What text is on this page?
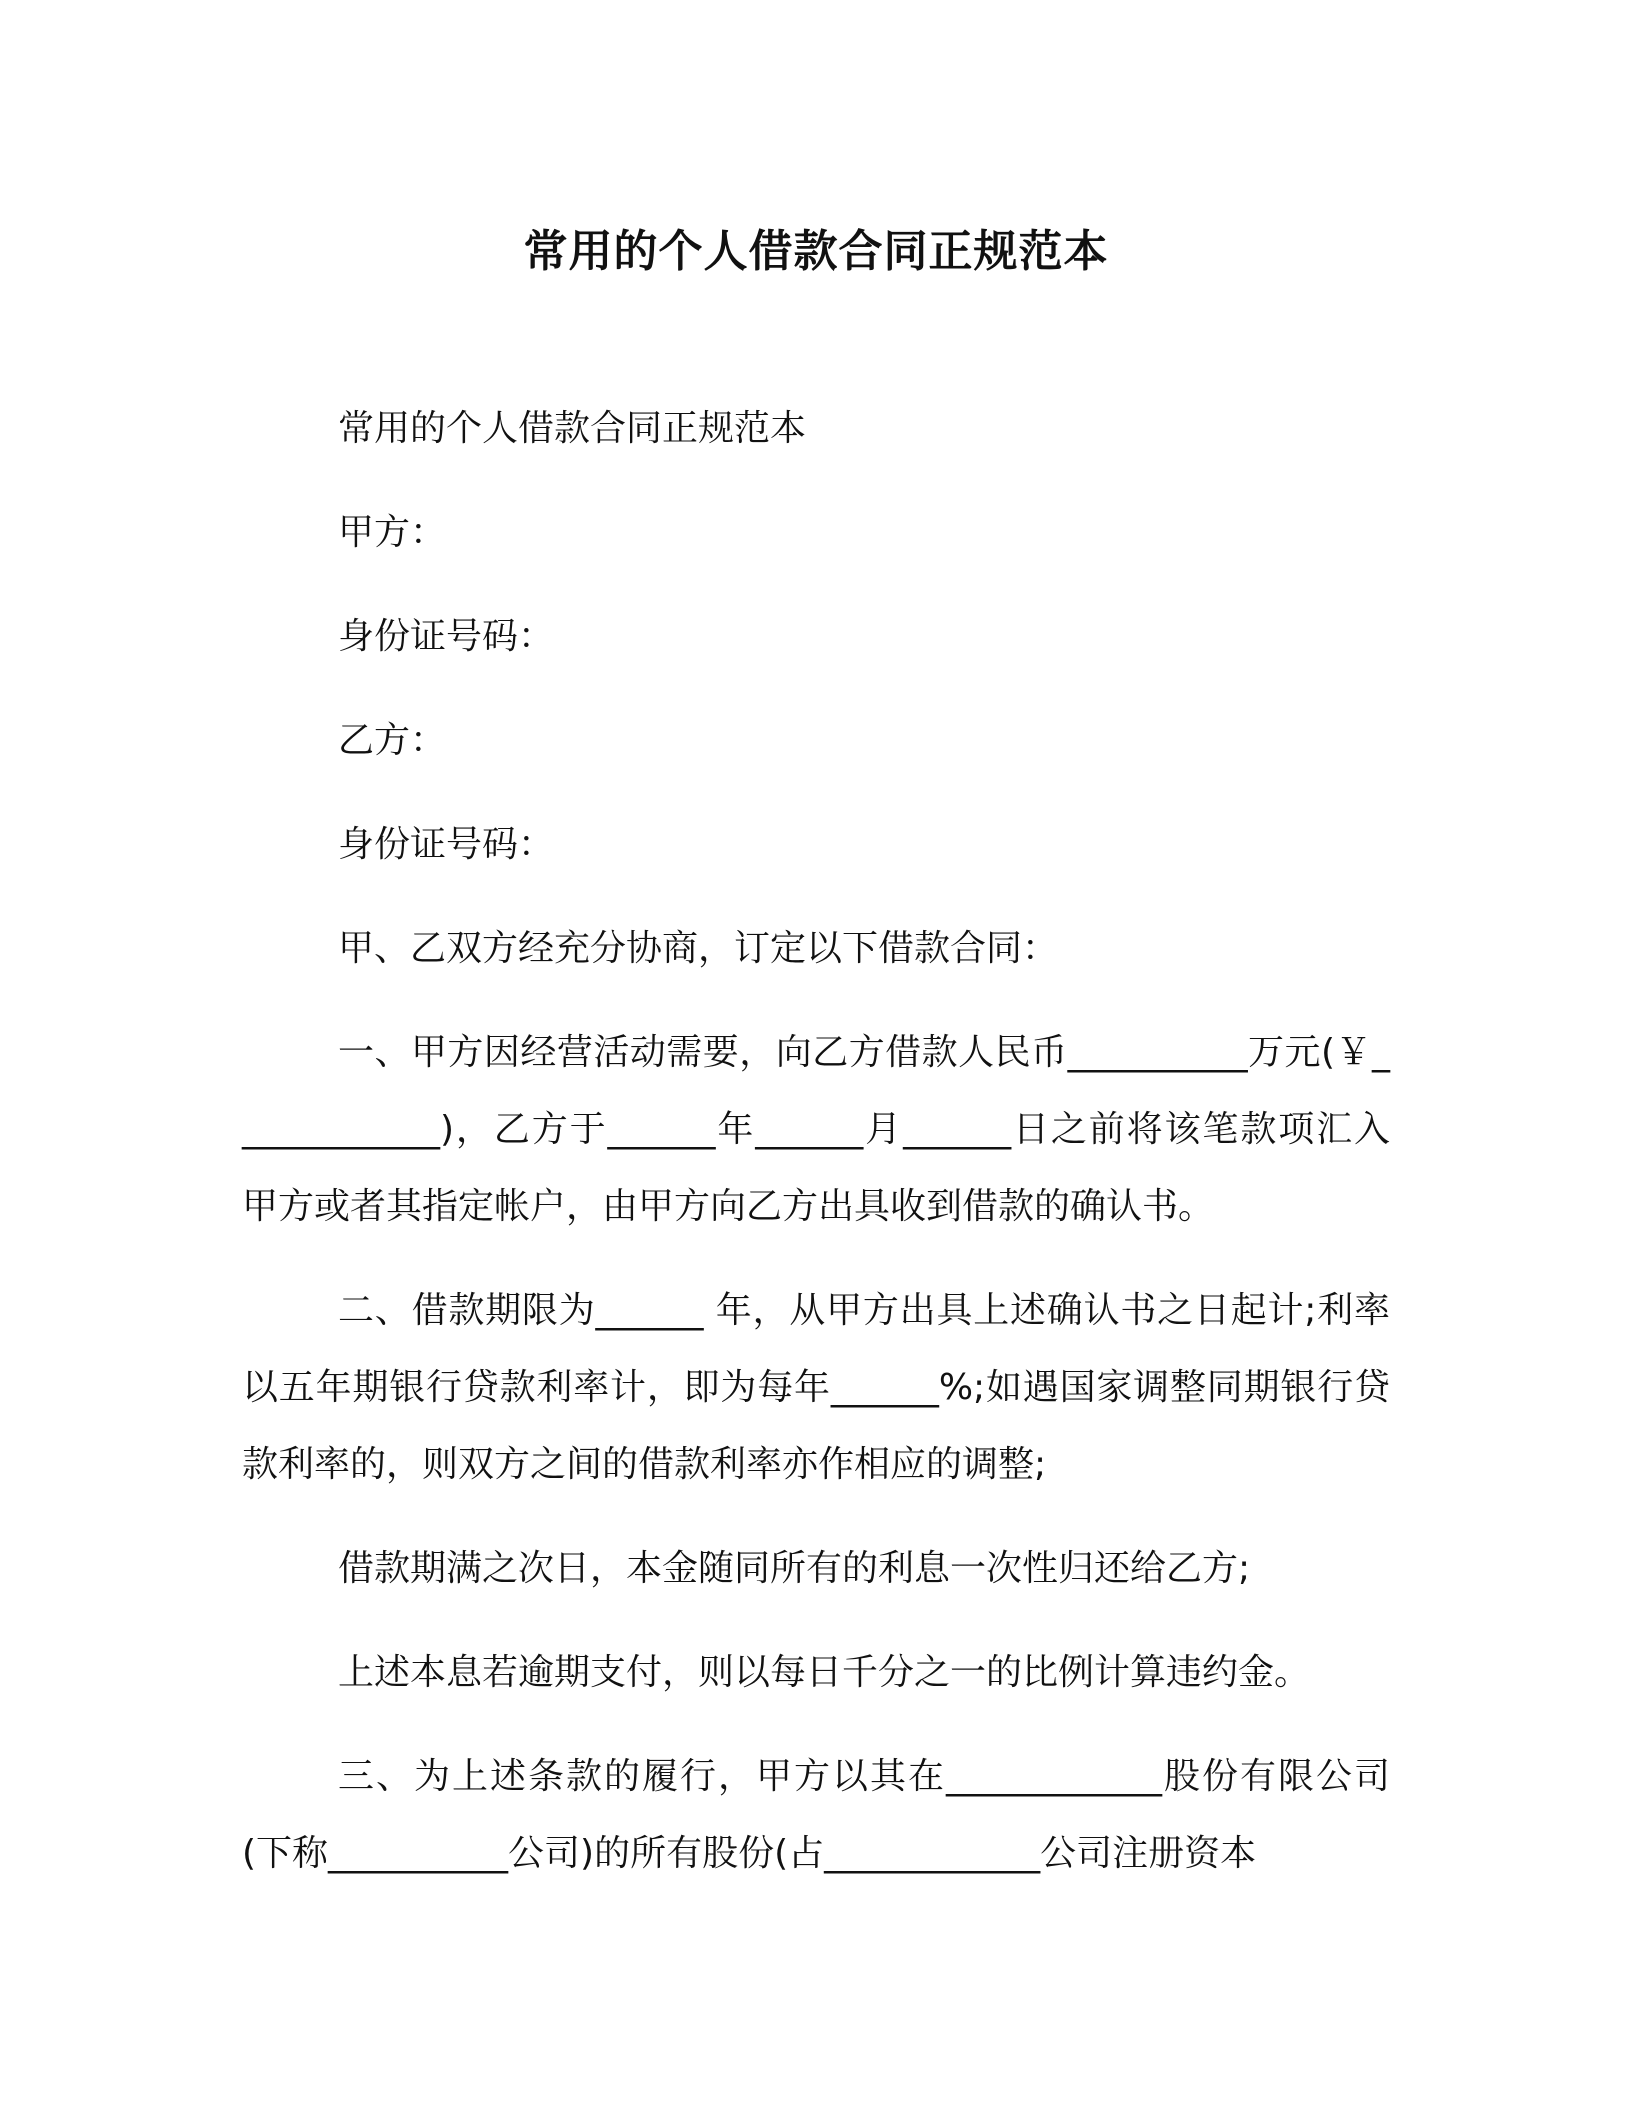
常用的个人借款合同正规范本
常用的个人借款合同正规范本
甲方：
身份证号码：
乙方：
身份证号码：
甲、乙双方经充分协商，订定以下借款合同：
一、甲方因经营活动需要，向乙方借款人民币__________万元(￥____________)，乙方于______年______月______日之前将该笔款项汇入甲方或者其指定帐户，由甲方向乙方出具收到借款的确认书。
二、借款期限为______ 年，从甲方出具上述确认书之日起计;利率以五年期银行贷款利率计，即为每年______%;如遇国家调整同期银行贷款利率的，则双方之间的借款利率亦作相应的调整;
借款期满之次日，本金随同所有的利息一次性归还给乙方;
上述本息若逾期支付，则以每日千分之一的比例计算违约金。
三、为上述条款的履行，甲方以其在____________股份有限公司(下称__________公司)的所有股份(占____________公司注册资本
